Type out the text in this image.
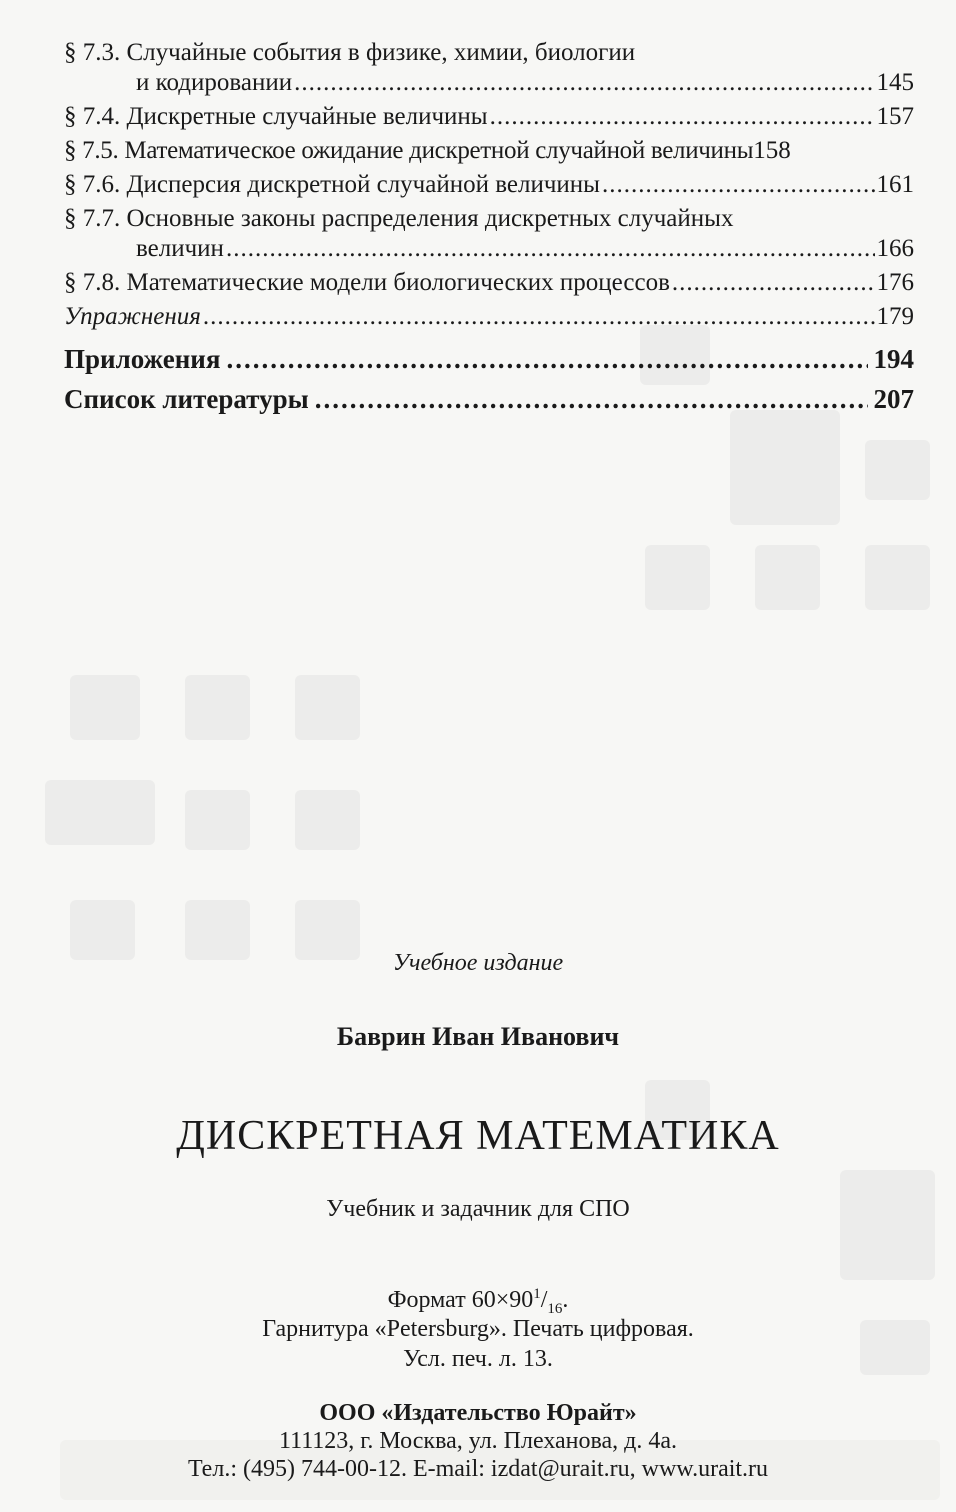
§ 7.3. Случайные события в физике, химии, биологии
и кодировании .....	145
§ 7.4. Дискретные случайные величины .....	157
§ 7.5. Математическое ожидание дискретной случайной величины 158
§ 7.6. Дисперсия дискретной случайной величины .....	161
§ 7.7. Основные законы распределения дискретных случайных
величин .....	166
§ 7.8. Математические модели биологических процессов .....	176
Упражнения .....	179
Приложения .....	194
Список литературы .....	207
Учебное издание
Баврин Иван Иванович
ДИСКРЕТНАЯ МАТЕМАТИКА
Учебник и задачник для СПО
Формат $60\times 90^1/_{16}$.
Гарнитура «Petersburg». Печать цифровая.
Усл. печ. л. 13.
ООО «Издательство Юрайт»
111123, г. Москва, ул. Плеханова, д. 4а.
Тел.: (495) 744-00-12. E-mail: izdat@urait.ru, www.urait.ru
